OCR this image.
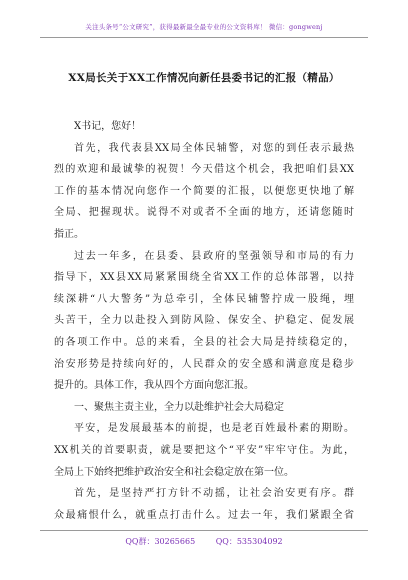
关注头条号“公文研究”，获得最新最全最专业的公文资料库！ 微信：gongwenj
XX局长关于XX工作情况向新任县委书记的汇报（精品）
X书记，您好！
首先，我代表县XX局全体民辅警，对您的到任表示最热
烈的欢迎和最诚挚的祝贺！今天借这个机会，我把咱们县XX
工作的基本情况向您作一个简要的汇报，以便您更快地了解
全局、把握现状。说得不对或者不全面的地方，还请您随时
指正。
过去一年多，在县委、县政府的坚强领导和市局的有力
指导下，XX县XX局紧紧围绕全省XX工作的总体部署，以持
续深耕“八大警务”为总牵引，全体民辅警拧成一股绳，埋
头苦干，全力以赴投入到防风险、保安全、护稳定、促发展
的各项工作中。总的来看，全县的社会大局是持续稳定的，
治安形势是持续向好的，人民群众的安全感和满意度是稳步
提升的。具体工作，我从四个方面向您汇报。
一、聚焦主责主业，全力以赴维护社会大局稳定
平安，是发展最基本的前提，也是老百姓最朴素的期盼。
XX机关的首要职责，就是要把这个“平安”牢牢守住。为此，
全局上下始终把维护政治安全和社会稳定放在第一位。
首先，是坚持严打方针不动摇，让社会治安更有序。群
众最痛恨什么，就重点打击什么。过去一年，我们紧跟全省
QQ群：30265665	QQ：535304092
